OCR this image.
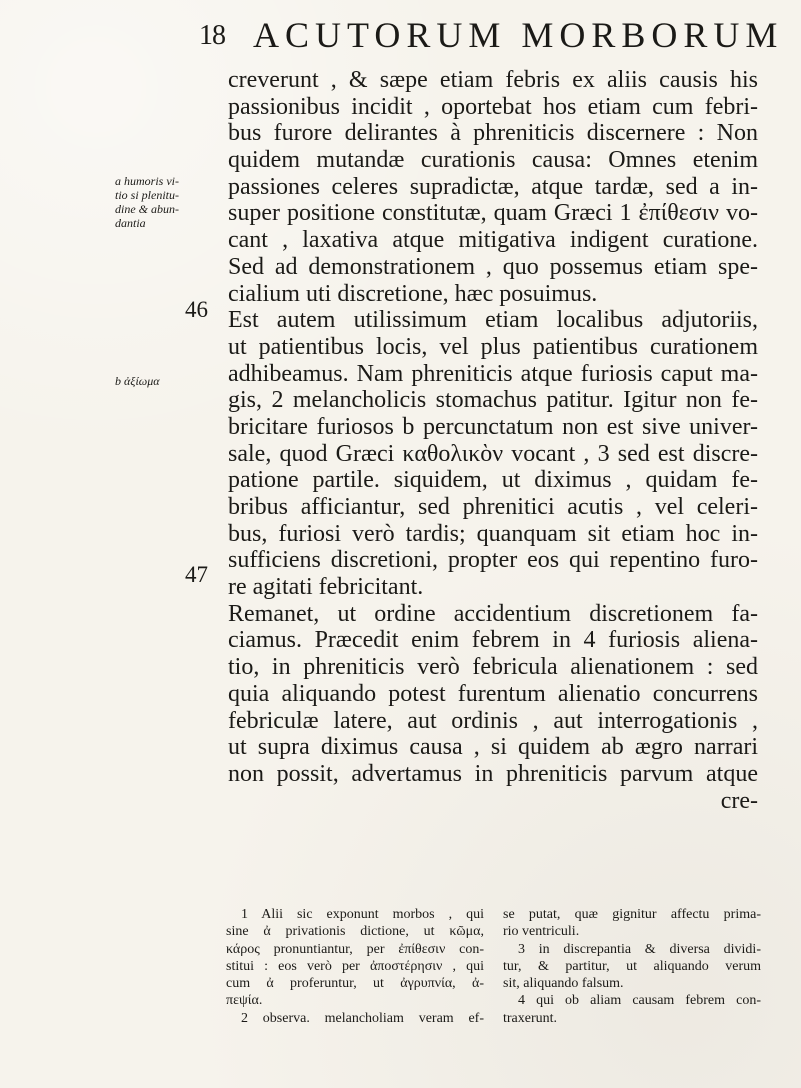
18 ACUTORUM MORBORUM
a humoris vi-
tio si plenitu-
dine & abun-
dantia
46
b ἀξίωμα
47
creverunt , & sæpe etiam febris ex aliis causis his
passionibus incidit , oportebat hos etiam cum febri-
bus furore delirantes à phreniticis discernere : Non
quidem mutandæ curationis causa: Omnes etenim
passiones celeres supradictæ, atque tardæ, sed a in-
super positione constitutæ, quam Græci 1 ἐπίθεσιν vo-
cant , laxativa atque mitigativa indigent curatione.
Sed ad demonstrationem , quo possemus etiam spe-
cialium uti discretione, hæc posuimus.
Est autem utilissimum etiam localibus adjutoriis,
ut patientibus locis, vel plus patientibus curationem
adhibeamus. Nam phreniticis atque furiosis caput ma-
gis, 2 melancholicis stomachus patitur. Igitur non fe-
bricitare furiosos b percunctatum non est sive univer-
sale, quod Græci καθολικὸν vocant , 3 sed est discre-
patione partile. siquidem, ut diximus , quidam fe-
bribus afficiantur, sed phrenitici acutis , vel celeri-
bus, furiosi verò tardis; quanquam sit etiam hoc in-
sufficiens discretioni, propter eos qui repentino furo-
re agitati febricitant.
Remanet, ut ordine accidentium discretionem fa-
ciamus. Præcedit enim febrem in 4 furiosis aliena-
tio, in phreniticis verò febricula alienationem : sed
quia aliquando potest furentum alienatio concurrens
febriculæ latere, aut ordinis , aut interrogationis ,
ut supra diximus causa , si quidem ab ægro narrari
non possit, advertamus in phreniticis parvum atque
cre-
1 Alii sic exponunt morbos , qui
sine ἀ privationis dictione, ut κῶμα,
κάρος pronuntiantur, per ἐπίθεσιν con-
stitui : eos verò per ἀποστέρησιν , qui
cum ἀ proferuntur, ut ἀγρυπνία, ἀ-
πεψία.
2 observa. melancholiam veram ef-
se putat, quæ gignitur affectu prima-
rio ventriculi.
3 in discrepantia & diversa dividi-
tur, & partitur, ut aliquando verum
sit, aliquando falsum.
4 qui ob aliam causam febrem con-
traxerunt.
